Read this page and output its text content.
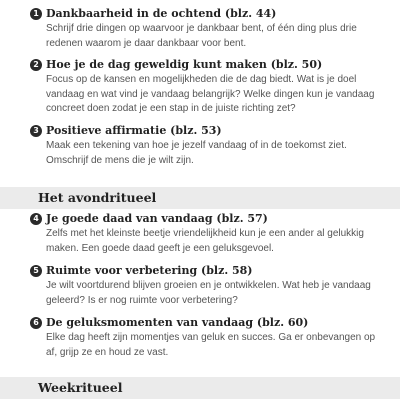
1 Dankbaarheid in de ochtend (blz. 44)
Schrijf drie dingen op waarvoor je dankbaar bent, of één ding plus drie redenen waarom je daar dankbaar voor bent.
2 Hoe je de dag geweldig kunt maken (blz. 50)
Focus op de kansen en mogelijkheden die de dag biedt. Wat is je doel vandaag en wat vind je vandaag belangrijk? Welke dingen kun je vandaag concreet doen zodat je een stap in de juiste richting zet?
3 Positieve affirmatie (blz. 53)
Maak een tekening van hoe je jezelf vandaag of in de toekomst ziet. Omschrijf de mens die je wilt zijn.
Het avondritueel
4 Je goede daad van vandaag (blz. 57)
Zelfs met het kleinste beetje vriendelijkheid kun je een ander al gelukkig maken. Een goede daad geeft je een geluksgevoel.
5 Ruimte voor verbetering (blz. 58)
Je wilt voortdurend blijven groeien en je ontwikkelen. Wat heb je vandaag geleerd? Is er nog ruimte voor verbetering?
6 De geluksmomenten van vandaag (blz. 60)
Elke dag heeft zijn momentjes van geluk en succes. Ga er onbevangen op af, grijp ze en houd ze vast.
Weekritueel
